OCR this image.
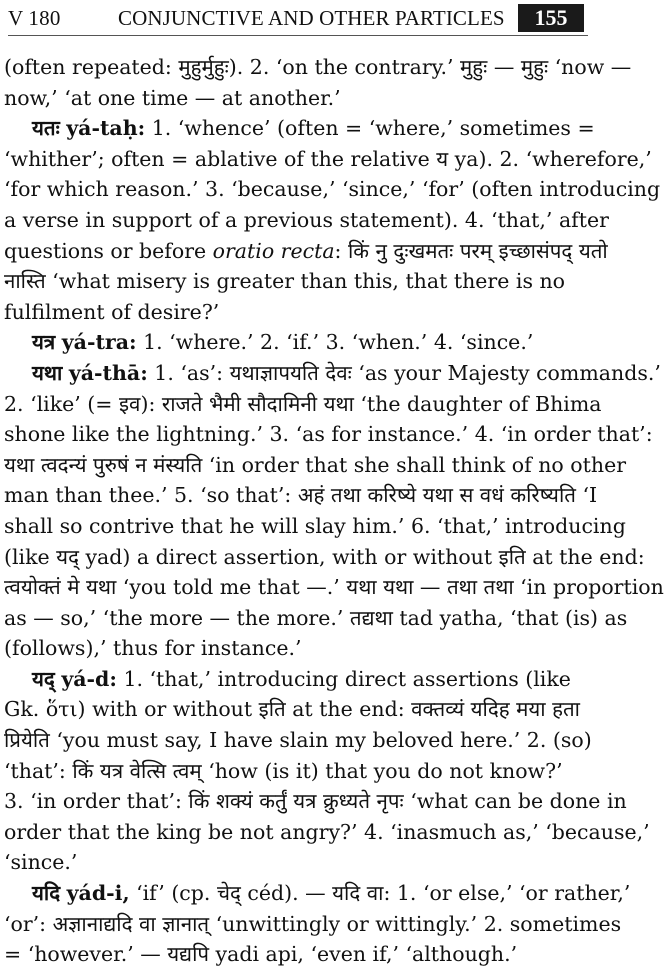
V 180	CONJUNCTIVE AND OTHER PARTICLES	155
(often repeated: मुहुर्मुहुः). 2. ‘on the contrary.’ मुहुः — मुहुः ‘now —
now,’ ‘at one time — at another.’
यतः yá-taḥ: 1. ‘whence’ (often = ‘where,’ sometimes =
‘whither’; often = ablative of the relative य ya). 2. ‘wherefore,’
‘for which reason.’ 3. ‘because,’ ‘since,’ ‘for’ (often introducing
a verse in support of a previous statement). 4. ‘that,’ after
questions or before oratio recta: किं नु दुःखमतः परम् इच्छासंपद् यतो
नास्ति ‘what misery is greater than this, that there is no
fulfilment of desire?’
यत्र yá-tra: 1. ‘where.’ 2. ‘if.’ 3. ‘when.’ 4. ‘since.’
यथा yá-thā: 1. ‘as’: यथाज्ञापयति देवः ‘as your Majesty commands.’
2. ‘like’ (= इव): राजते भैमी सौदामिनी यथा ‘the daughter of Bhima
shone like the lightning.’ 3. ‘as for instance.’ 4. ‘in order that’:
यथा त्वदन्यं पुरुषं न मंस्यति ‘in order that she shall think of no other
man than thee.’ 5. ‘so that’: अहं तथा करिष्ये यथा स वधं करिष्यति ‘I
shall so contrive that he will slay him.’ 6. ‘that,’ introducing
(like यद् yad) a direct assertion, with or without इति at the end:
त्वयोक्तं मे यथा ‘you told me that —.’ यथा यथा — तथा तथा ‘in proportion
as — so,’ ‘the more — the more.’ तद्यथा tad yatha, ‘that (is) as
(follows),’ thus for instance.’
यद् yá-d: 1. ‘that,’ introducing direct assertions (like
Gk. ὅτι) with or without इति at the end: वक्तव्यं यदिह मया हता
प्रियेति ‘you must say, I have slain my beloved here.’ 2. (so)
‘that’: किं यत्र वेत्सि त्वम् ‘how (is it) that you do not know?’
3. ‘in order that’: किं शक्यं कर्तुं यत्र क्रुध्यते नृपः ‘what can be done in
order that the king be not angry?’ 4. ‘inasmuch as,’ ‘because,’
‘since.’
यदि yád-i, ‘if’ (cp. चेद् céd). — यदि वा: 1. ‘or else,’ ‘or rather,’
‘or’: अज्ञानाद्यदि वा ज्ञानात् ‘unwittingly or wittingly.’ 2. sometimes
= ‘however.’ — यद्यपि yadi api, ‘even if,’ ‘although.’
